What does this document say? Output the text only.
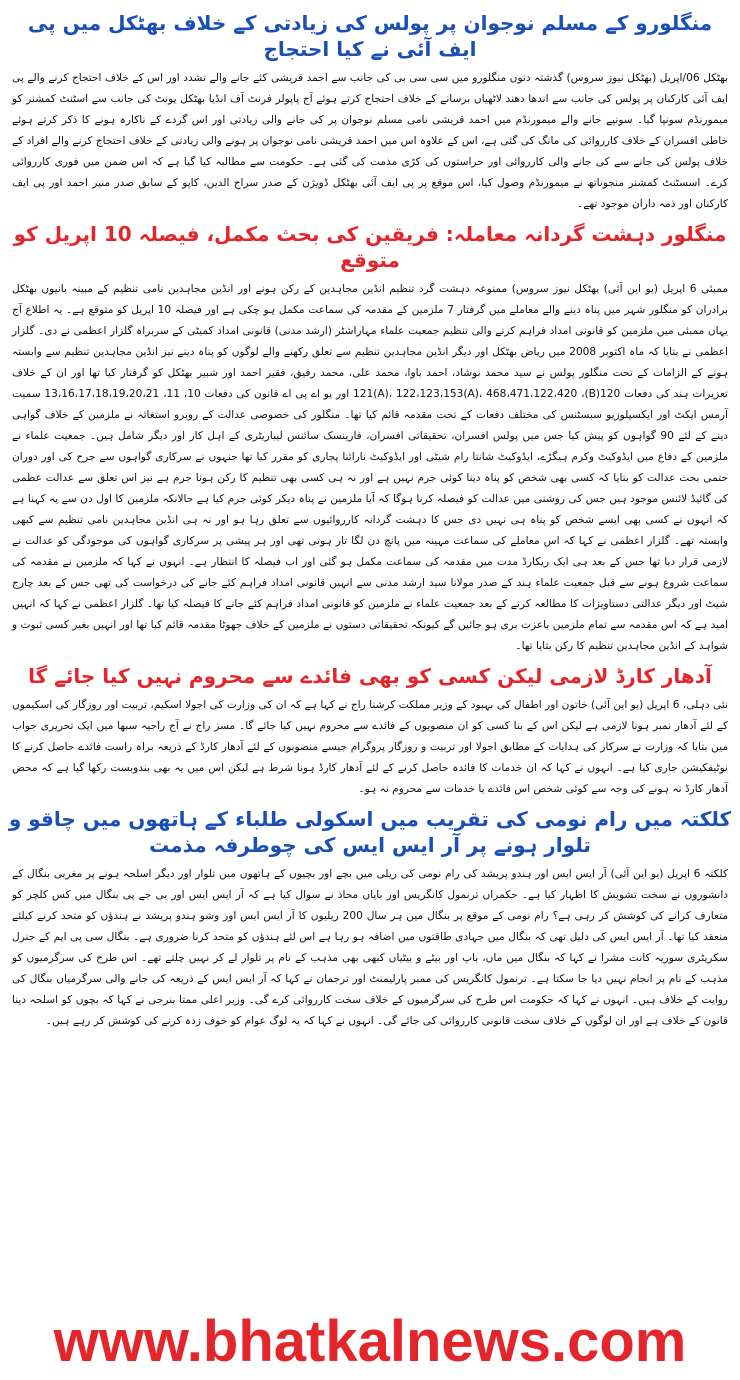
منگلورو کے مسلم نوجوان پر پولس کی زیادتی کے خلاف بھٹکل میں پی ایف آئی نے کیا احتجاج

بھٹکل 06/اپریل (بھٹکل نیوز سروس) گذشتہ دنوں منگلورو میں سی سی بی کی جانب سے احمد قریشی کئے جانے والے تشدد اور اس کے خلاف احتجاج کرنے والے پی ایف آئی کارکنان پر پولس کی جانب سے اندھا دھند لاٹھیاں برسانے کے خلاف احتجاج کرتے ہوئے آج پاپولر فرنٹ آف انڈیا بھٹکل یونٹ کی جانب سے اسٹنٹ کمشنر کو میمورنڈم سونپا گیا۔ سونپے جانے والے میمورنڈم میں احمد قریشی نامی مسلم نوجوان پر کی جانے والی زیادتی اور اس گردے کے ناکارہ ہونے کا ذکر کرتے ہوئے خاطی افسران کے خلاف کارروائی کی مانگ کی گئی ہے، اس کے علاوہ اس میں احمد قریشی نامی نوجوان پر ہونے والی زیادتی کے خلاف احتجاج کرنے والے افراد کے خلاف پولس کی جانے سے کی جانے والی کارروائی اور حراستوں کی کڑی مذمت کی گئی ہے۔ حکومت سے مطالبہ کیا گیا ہے کہ اس ضمن میں فوری کارروائی کرے۔ اسسٹنٹ کمشنر منجوناتھ نے میمورنڈم وصول کیا، اس موقع پر پی ایف آئی بھٹکل ڈویژن کے صدر سراج الدین، کاپو کے سابق صدر منیر احمد اور پی ایف کارکنان اور ذمہ داران موجود تھے۔

منگلور دہشت گردانہ معاملہ: فریقین کی بحث مکمل، فیصلہ 10 اپریل کو متوقع

ممبئی 6 اپریل (یو این آئی) بھٹکل نیوز سروس) ممنوعہ دہشت گرد تنظیم انڈین مجاہدین کے رکن ہونے اور انڈین مجاہدین نامی تنظیم کے مبینہ بانیوں بھٹکل برادران کو منگلور شہر میں پناہ دینے والے معاملے میں گرفتار 7 ملزمین کے مقدمہ کی سماعت مکمل ہو چکی ہے اور فیصلہ 10 اپریل کو متوقع ہے۔ یہ اطلاع آج یہاں ممبئی میں ملزمین کو قانونی امداد فراہم کرنے والی تنظیم جمعیت علماء مہاراشٹر (ارشد مدنی) قانونی امداد کمیٹی کے سربراہ گلزار اعظمی نے دی۔ گلزار اعظمی نے بتایا کہ ماہ اکتوبر 2008 میں ریاض بھٹکل اور دیگر انڈین مجاہدین تنظیم سے تعلق رکھنے والے لوگوں کو پناہ دینے نیز انڈین مجاہدین تنظیم سے وابستہ ہونے کے الزامات کے تحت منگلور پولس نے سید محمد نوشاد، احمد باوا، محمد علی، محمد رفیق، فقیر احمد اور شبیر بھٹکل کو گرفتار کیا تھا اور ان کے خلاف تعزیرات ہند کی دفعات 120(B)، 121(A)، 122،123،153(A)، 468،471،122،420 اور یو اے پی اے قانون کی دفعات 10، 11، 13،16،17،18،19،20،21 سمیت آرمس ایکٹ اور ایکسپلوزیو سبسٹنس کی مختلف دفعات کے تحت مقدمہ قائم کیا تھا۔ منگلور کی خصوصی عدالت کے روبرو استغاثہ نے ملزمین کے خلاف گواہی دینے کے لئے 90 گواہوں کو پیش کیا جس میں پولس افسران، تحقیقاتی افسران، فارینسک سائنس لیباریٹری کے اہل کار اور دیگر شامل ہیں۔ جمعیت علماء نے ملزمین کے دفاع میں ایڈوکیٹ وکرم ہیگڑے، ایڈوکیٹ شانتا رام شیٹی اور ایڈوکیٹ نارائنا پجاری کو مقرر کیا تھا جنہوں نے سرکاری گواہوں سے جرح کی اور دوران حتمی بحث عدالت کو بتایا کہ کسی بھی شخص کو پناہ دینا کوئی جرم نہیں ہے اور نہ ہی کسی بھی تنظیم کا رکن ہونا جرم ہے نیز اس تعلق سے عدالت عظمی کی گائیڈ لائنس موجود ہیں جس کی روشنی میں عدالت کو فیصلہ کرنا ہوگا کہ آیا ملزمین نے پناہ دیکر کوئی جرم کیا ہے حالانکہ ملزمین کا اول دن سے یہ کہنا ہے کہ انہوں نے کسی بھی ایسے شخص کو پناہ ہی نہیں دی جس کا دہشت گردانہ کارروائیوں سے تعلق رہا ہو اور نہ ہی انڈین مجاہدین نامی تنظیم سے کبھی وابستہ تھے۔ گلزار اعظمی نے کہا کہ اس معاملے کی سماعت مہینہ میں پانچ دن لگا تار ہوتی تھی اور ہر پیشی پر سرکاری گواہوں کی موجودگی کو عدالت نے لازمی قرار دیا تھا جس کے بعد ہی ایک ریکارڈ مدت میں مقدمہ کی سماعت مکمل ہو گئی اور اب فیصلہ کا انتظار ہے۔ انہوں نے کہا کہ ملزمین نے مقدمہ کی سماعت شروع ہونے سے قبل جمعیت علماء ہند کے صدر مولانا سید ارشد مدنی سے انہیں قانونی امداد فراہم کئے جانے کی درخواست کی تھی جس کے بعد چارج شیٹ اور دیگر عدالتی دستاویزات کا مطالعہ کرنے کے بعد جمعیت علماء نے ملزمین کو قانونی امداد فراہم کئے جانے کا فیصلہ کیا تھا۔ گلزار اعظمی نے کہا کہ انہیں امید ہے کہ اس مقدمہ سے تمام ملزمین باعزت بری ہو جائیں گے کیونکہ تحقیقاتی دستوں نے ملزمین کے خلاف جھوٹا مقدمہ قائم کیا تھا اور انہیں بغیر کسی ثبوت و شواہد کے انڈین مجاہدین تنظیم کا رکن بتایا تھا۔

آدھار کارڈ لازمی لیکن کسی کو بھی فائدے سے محروم نہیں کیا جائے گا

نئی دہلی، 6 اپریل (یو این آئی) خاتون اور اطفال کی بہبود کے وزیر مملکت کرشنا راج نے کہا ہے کہ ان کی وزارت کی اجولا اسکیم، تربیت اور روزگار کی اسکیموں کے لئے آدھار نمبر ہونا لازمی ہے لیکن اس کے بنا کسی کو ان منصوبوں کے فائدے سے محروم نہیں کیا جائے گا۔ مسز راج نے آج راجیہ سبھا میں ایک تحریری جواب میں بتایا کہ وزارت نے سرکار کی ہدایات کے مطابق اجولا اور تربیت و روزگار پروگرام جیسے منصوبوں کے لئے آدھار کارڈ کے ذریعہ براہ راست فائدے حاصل کرنے کا نوٹیفکیشن جاری کیا ہے۔ انہوں نے کہا کہ ان خدمات کا فائدہ حاصل کرنے کے لئے آدھار کارڈ ہونا شرط ہے لیکن اس میں یہ بھی بندوبست رکھا گیا ہے کہ محض آدھار کارڈ نہ ہونے کی وجہ سے کوئی شخص اس فائدے یا خدمات سے محروم نہ ہو۔

کلکتہ میں رام نومی کی تقریب میں اسکولی طلباء کے ہاتھوں میں چاقو و تلوار ہونے پر آر ایس ایس کی چوطرفہ مذمت

کلکتہ 6 اپریل (یو این آئی) آر ایس ایس اور ہندو پریشد کی رام نومی کی ریلی میں بچے اور بچیوں کے ہاتھوں میں تلوار اور دیگر اسلحہ ہونے پر مغربی بنگال کے دانشوروں نے سخت تشویش کا اظہار کیا ہے۔ حکمراں ترنمول کانگریس اور بایاں محاذ نے سوال کیا ہے کہ آر ایس ایس اور بی جے پی بنگال میں کس کلچر کو متعارف کرانے کی کوشش کر رہی ہے؟ رام نومی کے موقع پر بنگال میں ہر سال 200 ریلیوں کا آر ایس ایس اور وشو ہندو پریشد نے ہندؤں کو متحد کرنے کیلئے منعقد کیا تھا۔ آر ایس ایس کی دلیل تھی کہ بنگال میں جہادی طاقتوں میں اضافہ ہو رہا ہے اس لئے ہندؤں کو متحد کرنا ضروری ہے۔ بنگال سی پی ایم کے جنرل سکریٹری سوریہ کانت مشرا نے کہا کہ بنگال میں ماں، باپ اور بیٹے و بیٹیاں کبھی بھی مذہب کے نام پر تلوار لے کر نہیں چلتے تھے۔ اس طرح کی سرگرمیوں کو مذہب کے نام پر انجام نہیں دیا جا سکتا ہے۔ ترنمول کانگریس کی ممبر پارلیمنٹ اور ترجمان نے کہا کہ آر ایس ایس کے ذریعہ کی جانے والی سرگرمیاں بنگال کی روایت کے خلاف ہیں۔ انہوں نے کہا کہ حکومت اس طرح کی سرگرمیوں کے خلاف سخت کارروائی کرے گی۔ وزیر اعلی ممتا بنرجی نے کہا کہ بچوں کو اسلحہ دینا قانون کے خلاف ہے اور ان لوگوں کے خلاف سخت قانونی کارروائی کی جائے گی۔ انہوں نے کہا کہ یہ لوگ عوام کو خوف زدہ کرنے کی کوشش کر رہے ہیں۔

www.bhatkalnews.com
